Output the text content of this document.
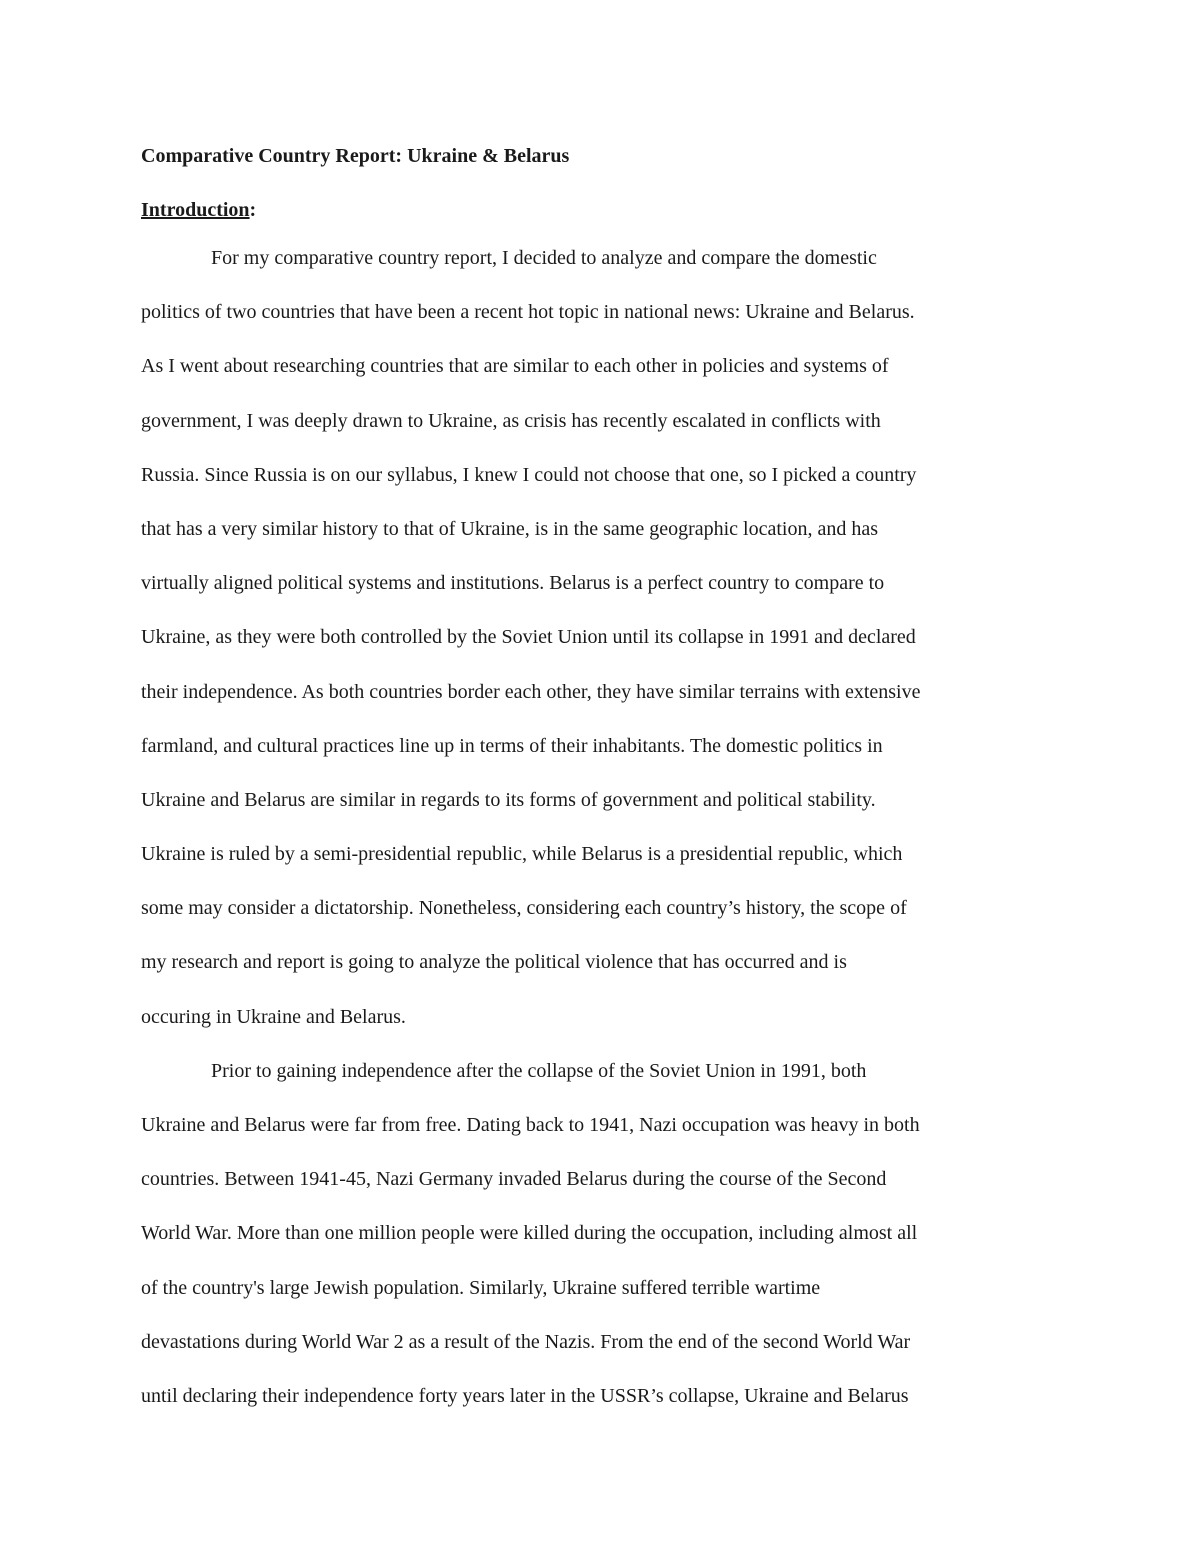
Comparative Country Report: Ukraine & Belarus
Introduction:
For my comparative country report, I decided to analyze and compare the domestic
politics of two countries that have been a recent hot topic in national news: Ukraine and Belarus.
As I went about researching countries that are similar to each other in policies and systems of
government, I was deeply drawn to Ukraine, as crisis has recently escalated in conflicts with
Russia. Since Russia is on our syllabus, I knew I could not choose that one, so I picked a country
that has a very similar history to that of Ukraine, is in the same geographic location, and has
virtually aligned political systems and institutions. Belarus is a perfect country to compare to
Ukraine, as they were both controlled by the Soviet Union until its collapse in 1991 and declared
their independence. As both countries border each other, they have similar terrains with extensive
farmland, and cultural practices line up in terms of their inhabitants. The domestic politics in
Ukraine and Belarus are similar in regards to its forms of government and political stability.
Ukraine is ruled by a semi-presidential republic, while Belarus is a presidential republic, which
some may consider a dictatorship. Nonetheless, considering each country’s history, the scope of
my research and report is going to analyze the political violence that has occurred and is
occuring in Ukraine and Belarus.
Prior to gaining independence after the collapse of the Soviet Union in 1991, both
Ukraine and Belarus were far from free. Dating back to 1941, Nazi occupation was heavy in both
countries. Between 1941-45, Nazi Germany invaded Belarus during the course of the Second
World War. More than one million people were killed during the occupation, including almost all
of the country's large Jewish population. Similarly, Ukraine suffered terrible wartime
devastations during World War 2 as a result of the Nazis. From the end of the second World War
until declaring their independence forty years later in the USSR’s collapse, Ukraine and Belarus
